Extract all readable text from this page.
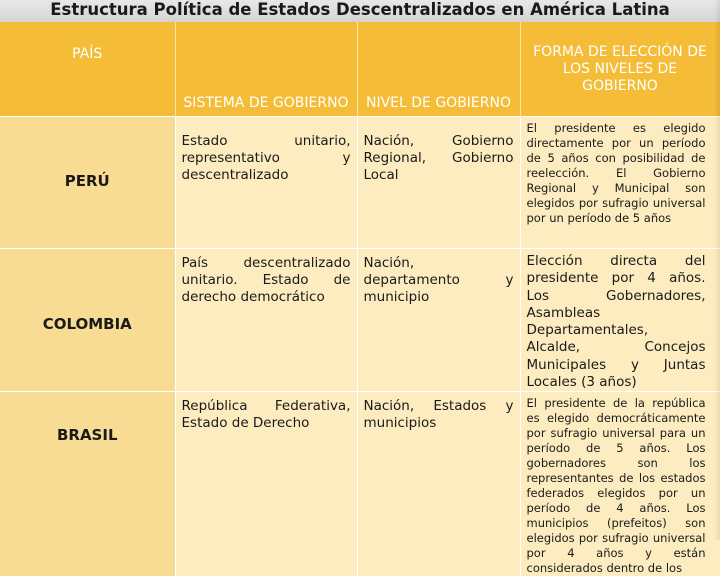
Estructura Política de Estados Descentralizados en América Latina
PAÍS	SISTEMA DE GOBIERNO	NIVEL DE GOBIERNO	FORMA DE ELECCIÓN DE LOS NIVELES DE GOBIERNO

PERÚ	Estado unitario, representativo y descentralizado	Nación, Gobierno Regional, Gobierno Local	El presidente es elegido directamente por un período de 5 años con posibilidad de reelección. El Gobierno Regional y Municipal son elegidos por sufragio universal por un período de 5 años

COLOMBIA	País descentralizado unitario. Estado de derecho democrático	Nación, departamento y municipio	Elección directa del presidente por 4 años. Los Gobernadores, Asambleas Departamentales, Alcalde, Concejos Municipales y Juntas Locales (3 años)

BRASIL	República Federativa, Estado de Derecho	Nación, Estados y municipios	El presidente de la república es elegido democráticamente por sufragio universal para un período de 5 años. Los gobernadores son los representantes de los estados federados elegidos por un período de 4 años. Los municipios (prefeitos) son elegidos por sufragio universal por 4 años y están considerados dentro de los
